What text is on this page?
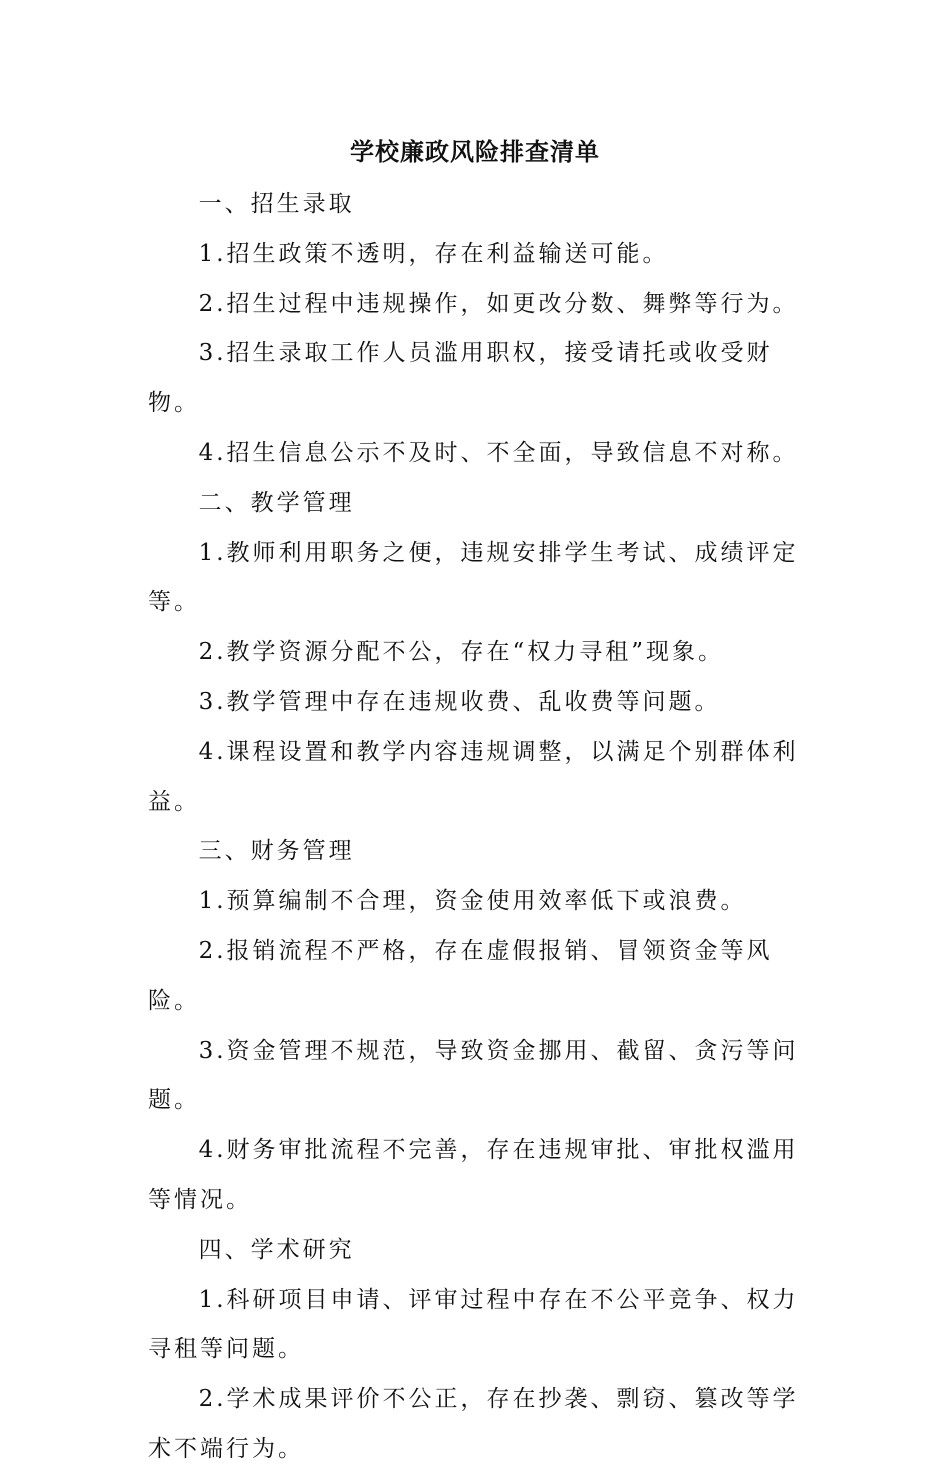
学校廉政风险排查清单

一、招生录取

1.招生政策不透明，存在利益输送可能。

2.招生过程中违规操作，如更改分数、舞弊等行为。

3.招生录取工作人员滥用职权，接受请托或收受财物。

4.招生信息公示不及时、不全面，导致信息不对称。

二、教学管理

1.教师利用职务之便，违规安排学生考试、成绩评定等。

2.教学资源分配不公，存在“权力寻租”现象。

3.教学管理中存在违规收费、乱收费等问题。

4.课程设置和教学内容违规调整，以满足个别群体利益。

三、财务管理

1.预算编制不合理，资金使用效率低下或浪费。

2.报销流程不严格，存在虚假报销、冒领资金等风险。

3.资金管理不规范，导致资金挪用、截留、贪污等问题。

4.财务审批流程不完善，存在违规审批、审批权滥用等情况。

四、学术研究

1.科研项目申请、评审过程中存在不公平竞争、权力寻租等问题。

2.学术成果评价不公正，存在抄袭、剽窃、篡改等学术不端行为。
